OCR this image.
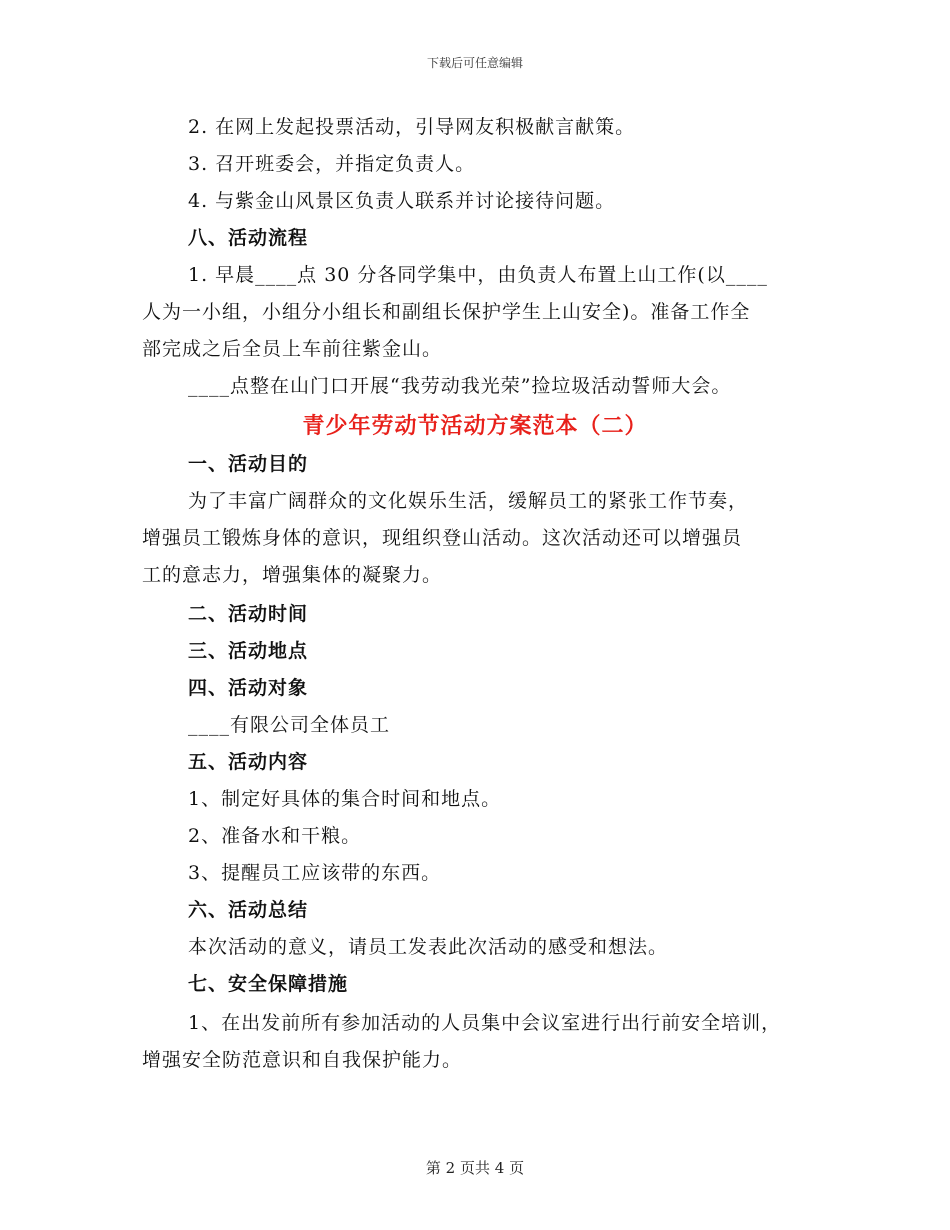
下载后可任意编辑
2. 在网上发起投票活动，引导网友积极献言献策。
3. 召开班委会，并指定负责人。
4. 与紫金山风景区负责人联系并讨论接待问题。
八、活动流程
1. 早晨____点 30 分各同学集中，由负责人布置上山工作(以____
人为一小组，小组分小组长和副组长保护学生上山安全)。准备工作全
部完成之后全员上车前往紫金山。
____点整在山门口开展“我劳动我光荣”捡垃圾活动誓师大会。
青少年劳动节活动方案范本（二）
一、活动目的
为了丰富广阔群众的文化娱乐生活，缓解员工的紧张工作节奏，
增强员工锻炼身体的意识，现组织登山活动。这次活动还可以增强员
工的意志力，增强集体的凝聚力。
二、活动时间
三、活动地点
四、活动对象
____有限公司全体员工
五、活动内容
1、制定好具体的集合时间和地点。
2、准备水和干粮。
3、提醒员工应该带的东西。
六、活动总结
本次活动的意义，请员工发表此次活动的感受和想法。
七、安全保障措施
1、在出发前所有参加活动的人员集中会议室进行出行前安全培训，
增强安全防范意识和自我保护能力。
第 2 页共 4 页
